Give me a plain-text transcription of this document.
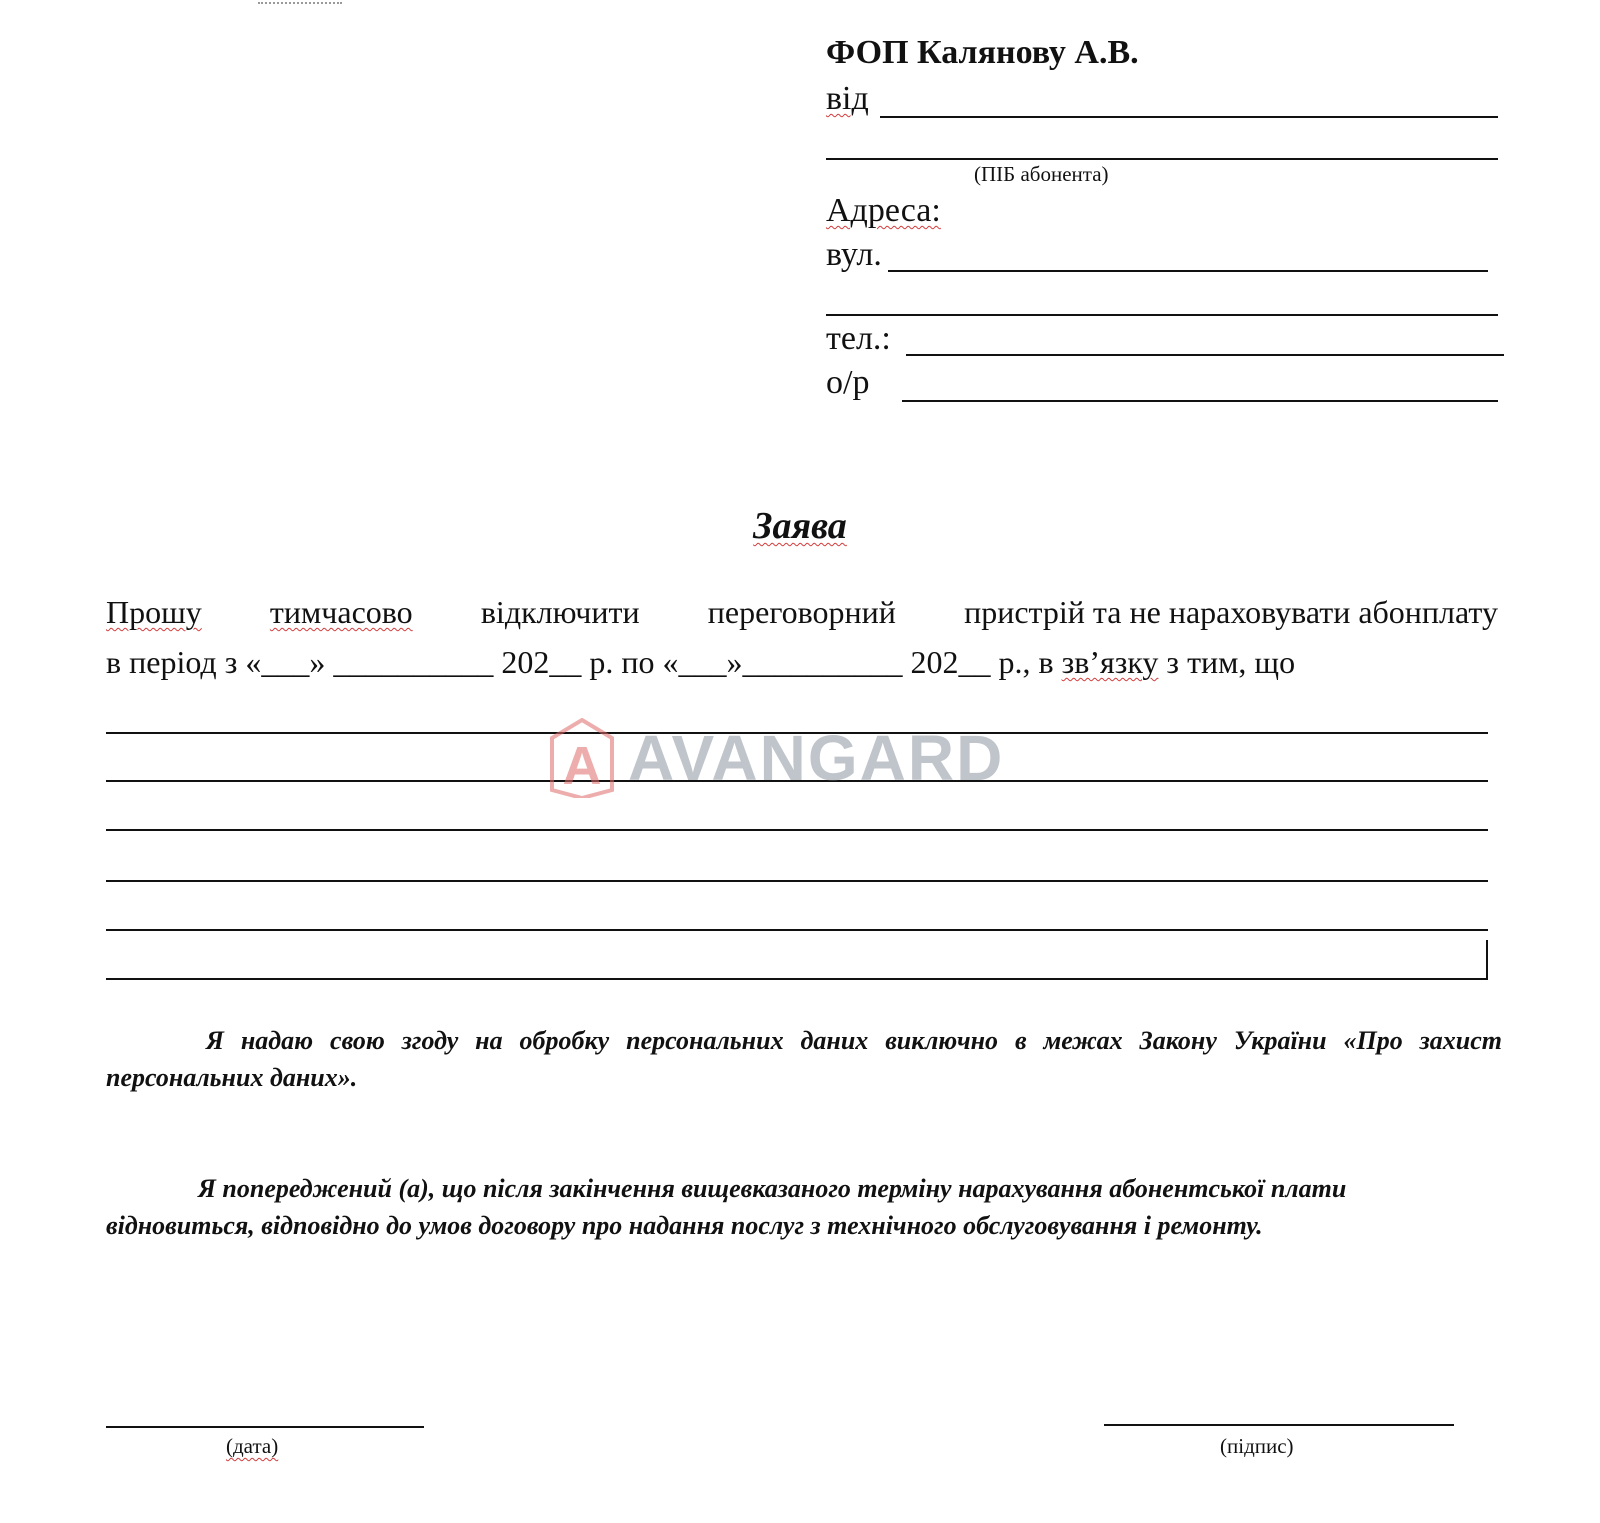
ФОП Калянову А.В.
від
(ПІБ абонента)
Адреса:
вул.
тел.:
о/р
Заява
Прошу тимчасово відключити переговорний пристрій та не нараховувати абонплату
в період з «___» __________ 202__ р. по «___»__________ 202__ р., в зв’язку з тим, що
A AVANGARD
Я надаю свою згоду на обробку персональних даних виключно в межах Закону України «Про захист персональних даних».
Я попереджений (а), що після закінчення вищевказаного терміну нарахування абонентської плати відновиться, відповідно до умов договору про надання послуг з технічного обслуговування і ремонту.
(дата)	(підпис)
